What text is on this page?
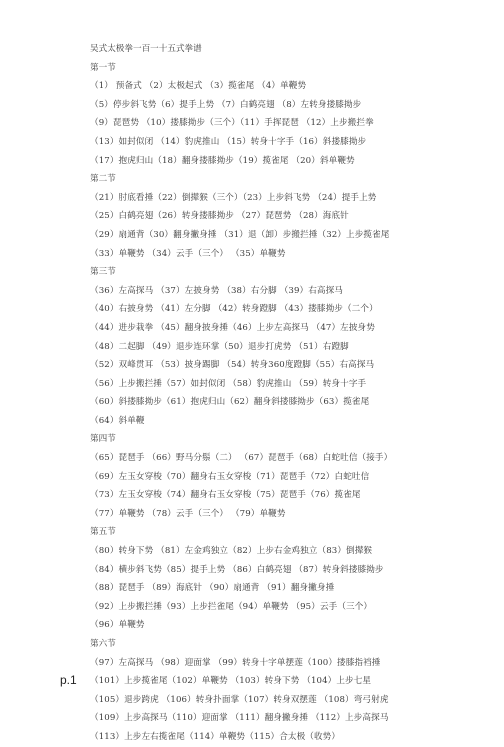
吴式太极拳一百一十五式拳谱
第一节
（1） 预备式 （2）太极起式 （3）揽雀尾 （4）单鞭势
（5）停步斜飞势（6）提手上势 （7）白鹤亮翅 （8）左转身搂膝拗步
（9）琵琶势 （10）搂膝拗步（三个）（11）手挥琵琶 （12）上步搬拦拳
（13）如封似闭 （14）豹虎推山 （15）转身十字手（16）斜搂膝拗步
（17）抱虎归山（18）翻身搂膝拗步（19）揽雀尾 （20）斜单鞭势
第二节
（21）肘底看捶（22）倒撵猴（三个）（23）上步斜飞势 （24）提手上势
（25）白鹤亮翅（26）转身搂膝拗步 （27）琵琶势 （28）海底针
（29）扇通背（30）翻身撇身捶 （31）退（卸）步搬拦捶（32）上步揽雀尾
（33）单鞭势 （34）云手（三个） （35）单鞭势
第三节
（36）左高探马 （37）左披身势 （38）右分脚 （39）右高探马
（40）右披身势 （41）左分脚 （42）转身蹬脚 （43）搂膝拗步（二个）
（44）进步栽拳 （45）翻身披身捶（46）上步左高探马 （47）左披身势
（48）二起脚 （49）退步连环掌（50）退步打虎势 （51）右蹬脚
（52）双峰贯耳 （53）披身踢脚 （54）转身360度蹬脚（55）右高探马
（56）上步搬拦捶（57）如封似闭 （58）豹虎推山 （59）转身十字手
（60）斜搂膝拗步（61）抱虎归山（62）翻身斜搂膝拗步（63）揽雀尾
（64）斜单鞭
第四节
（65）琵琶手 （66）野马分鬃（二） （67）琵琶手（68）白蛇吐信（接手）
（69）左玉女穿梭（70）翻身右玉女穿梭（71）琵琶手（72）白蛇吐信
（73）左玉女穿梭（74）翻身右玉女穿梭（75）琵琶手（76）揽雀尾
（77）单鞭势 （78）云手（三个） （79）单鞭势
第五节
（80）转身下势 （81）左金鸡独立（82）上步右金鸡独立（83）倒撵猴
（84）横步斜飞势（85）提手上势 （86）白鹤亮翅 （87）转身斜搂膝拗步
（88）琵琶手 （89）海底针 （90）扇通背 （91）翻身撇身捶
（92）上步搬拦捶（93）上步拦雀尾（94）单鞭势 （95）云手（三个）
（96）单鞭势
第六节
（97）左高探马 （98）迎面掌 （99）转身十字单摆莲（100）搂膝指裆捶
（101）上步揽雀尾（102）单鞭势 （103）转身下势 （104）上步七星
（105）退步跨虎 （106）转身扑面掌（107）转身双摆莲 （108）弯弓射虎
（109）上步高探马（110）迎面掌 （111）翻身撇身捶 （112）上步高探马
（113）上步左右揽雀尾（114）单鞭势（115）合太极（收势）
p.1
